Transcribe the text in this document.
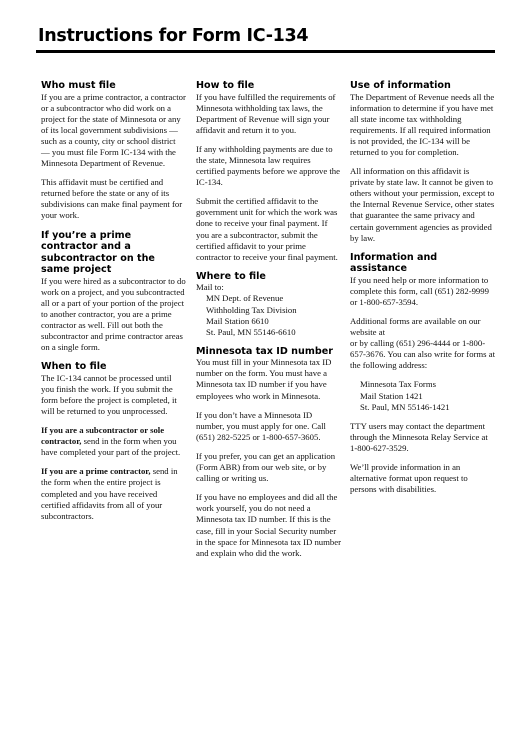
Instructions for Form IC-134
Who must file

If you are a prime contractor, a contractor or a subcontractor who did work on a project for the state of Minnesota or any of its local government subdivisions — such as a county, city or school district — you must file Form IC-134 with the Minnesota Department of Revenue.

This affidavit must be certified and returned before the state or any of its subdivisions can make final payment for your work.

If you’re a prime contractor and a subcontractor on the same project

If you were hired as a subcontractor to do work on a project, and you subcontracted all or a part of your portion of the project to another contractor, you are a prime contractor as well. Fill out both the subcontractor and prime contractor areas on a single form.

When to file

The IC-134 cannot be processed until you finish the work. If you submit the form before the project is completed, it will be returned to you unprocessed.

If you are a subcontractor or sole contractor, send in the form when you have completed your part of the project.

If you are a prime contractor, send in the form when the entire project is completed and you have received certified affidavits from all of your subcontractors.

How to file

If you have fulfilled the requirements of Minnesota withholding tax laws, the Department of Revenue will sign your affidavit and return it to you.

If any withholding payments are due to the state, Minnesota law requires certified payments before we approve the IC-134.

Submit the certified affidavit to the government unit for which the work was done to receive your final payment. If you are a subcontractor, submit the certified affidavit to your prime contractor to receive your final payment.

Where to file

Mail to:
MN Dept. of Revenue
Withholding Tax Division
Mail Station 6610
St. Paul, MN 55146-6610

Minnesota tax ID number

You must fill in your Minnesota tax ID number on the form. You must have a Minnesota tax ID number if you have employees who work in Minnesota.

If you don’t have a Minnesota ID number, you must apply for one. Call (651) 282-5225 or 1-800-657-3605.

If you prefer, you can get an application (Form ABR) from our web site, or by calling or writing us.

If you have no employees and did all the work yourself, you do not need a Minnesota tax ID number. If this is the case, fill in your Social Security number in the space for Minnesota tax ID number and explain who did the work.

Use of information

The Department of Revenue needs all the information to determine if you have met all state income tax withholding requirements. If all required information is not provided, the IC-134 will be returned to you for completion.

All information on this affidavit is private by state law. It cannot be given to others without your permission, except to the Internal Revenue Service, other states that guarantee the same privacy and certain government agencies as provided by law.

Information and assistance

If you need help or more information to complete this form, call (651) 282-9999 or 1-800-657-3594.

Additional forms are available on our website at
or by calling (651) 296-4444 or 1-800-657-3676. You can also write for forms at the following address:

Minnesota Tax Forms
Mail Station 1421
St. Paul, MN 55146-1421

TTY users may contact the department through the Minnesota Relay Service at 1-800-627-3529.

We’ll provide information in an alternative format upon request to persons with disabilities.
